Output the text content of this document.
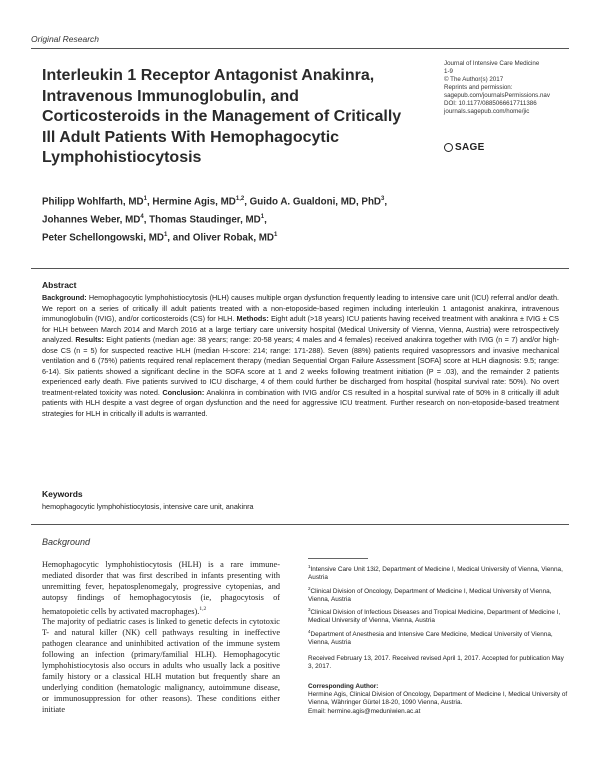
Original Research
Interleukin 1 Receptor Antagonist Anakinra, Intravenous Immunoglobulin, and Corticosteroids in the Management of Critically Ill Adult Patients With Hemophagocytic Lymphohistiocytosis
Journal of Intensive Care Medicine
1-9
© The Author(s) 2017
Reprints and permission:
sagepub.com/journalsPermissions.nav
DOI: 10.1177/0885066617711386
journals.sagepub.com/home/jic
SAGE
Philipp Wohlfarth, $MD^1$, Hermine Agis, MD$^{1,2}$, Guido A. Gualdoni, MD, PhD$^3$,
Johannes Weber, $MD^4$, Thomas Staudinger, $MD^1$,
Peter Schellongowski, $MD^1$, and Oliver Robak, $MD^1$
Abstract
Background: Hemophagocytic lymphohistiocytosis (HLH) causes multiple organ dysfunction frequently leading to intensive care unit (ICU) referral and/or death. We report on a series of critically ill adult patients treated with a non-etoposide-based regimen including interleukin 1 antagonist anakinra, intravenous immunoglobulin (IVIG), and/or corticosteroids (CS) for HLH. Methods: Eight adult (>18 years) ICU patients having received treatment with anakinra ± IVIG ± CS for HLH between March 2014 and March 2016 at a large tertiary care university hospital (Medical University of Vienna, Vienna, Austria) were retrospectively analyzed. Results: Eight patients (median age: 38 years; range: 20-58 years; 4 males and 4 females) received anakinra together with IVIG (n = 7) and/or high-dose CS (n = 5) for suspected reactive HLH (median H-score: 214; range: 171-288). Seven (88%) patients required vasopressors and invasive mechanical ventilation and 6 (75%) patients required renal replacement therapy (median Sequential Organ Failure Assessment [SOFA] score at HLH diagnosis: 9.5; range: 6-14). Six patients showed a significant decline in the SOFA score at 1 and 2 weeks following treatment initiation (P = .03), and the remainder 2 patients experienced early death. Five patients survived to ICU discharge, 4 of them could further be discharged from hospital (hospital survival rate: 50%). No overt treatment-related toxicity was noted. Conclusion: Anakinra in combination with IVIG and/or CS resulted in a hospital survival rate of 50% in 8 critically ill adult patients with HLH despite a vast degree of organ dysfunction and the need for aggressive ICU treatment. Further research on non-etoposide-based treatment strategies for HLH in critically ill adults is warranted.
Keywords
hemophagocytic lymphohistiocytosis, intensive care unit, anakinra
Background
Hemophagocytic lymphohistiocytosis (HLH) is a rare immune-mediated disorder that was first described in infants presenting with unremitting fever, hepatosplenomegaly, progressive cytopenias, and autopsy findings of hemophagocytosis (ie, phagocytosis of hematopoietic cells by activated macrophages).$^{1,2}$
The majority of pediatric cases is linked to genetic defects in cytotoxic T- and natural killer (NK) cell pathways resulting in ineffective pathogen clearance and uninhibited activation of the immune system following an infection (primary/familial HLH). Hemophagocytic lymphohistiocytosis also occurs in adults who usually lack a positive family history or a classical HLH mutation but frequently share an underlying condition (hematologic malignancy, autoimmune disease, or immunosuppression for other reasons). These conditions either initiate
$^1$Intensive Care Unit 13i2, Department of Medicine I, Medical University of Vienna, Vienna, Austria
$^2$Clinical Division of Oncology, Department of Medicine I, Medical University of Vienna, Vienna, Austria
$^3$Clinical Division of Infectious Diseases and Tropical Medicine, Department of Medicine I, Medical University of Vienna, Vienna, Austria
$^4$Department of Anesthesia and Intensive Care Medicine, Medical University of Vienna, Vienna, Austria
Received February 13, 2017. Received revised April 1, 2017. Accepted for publication May 3, 2017.
Corresponding Author:
Hermine Agis, Clinical Division of Oncology, Department of Medicine I, Medical University of Vienna, Währinger Gürtel 18-20, 1090 Vienna, Austria.
Email: hermine.agis@meduniwien.ac.at
